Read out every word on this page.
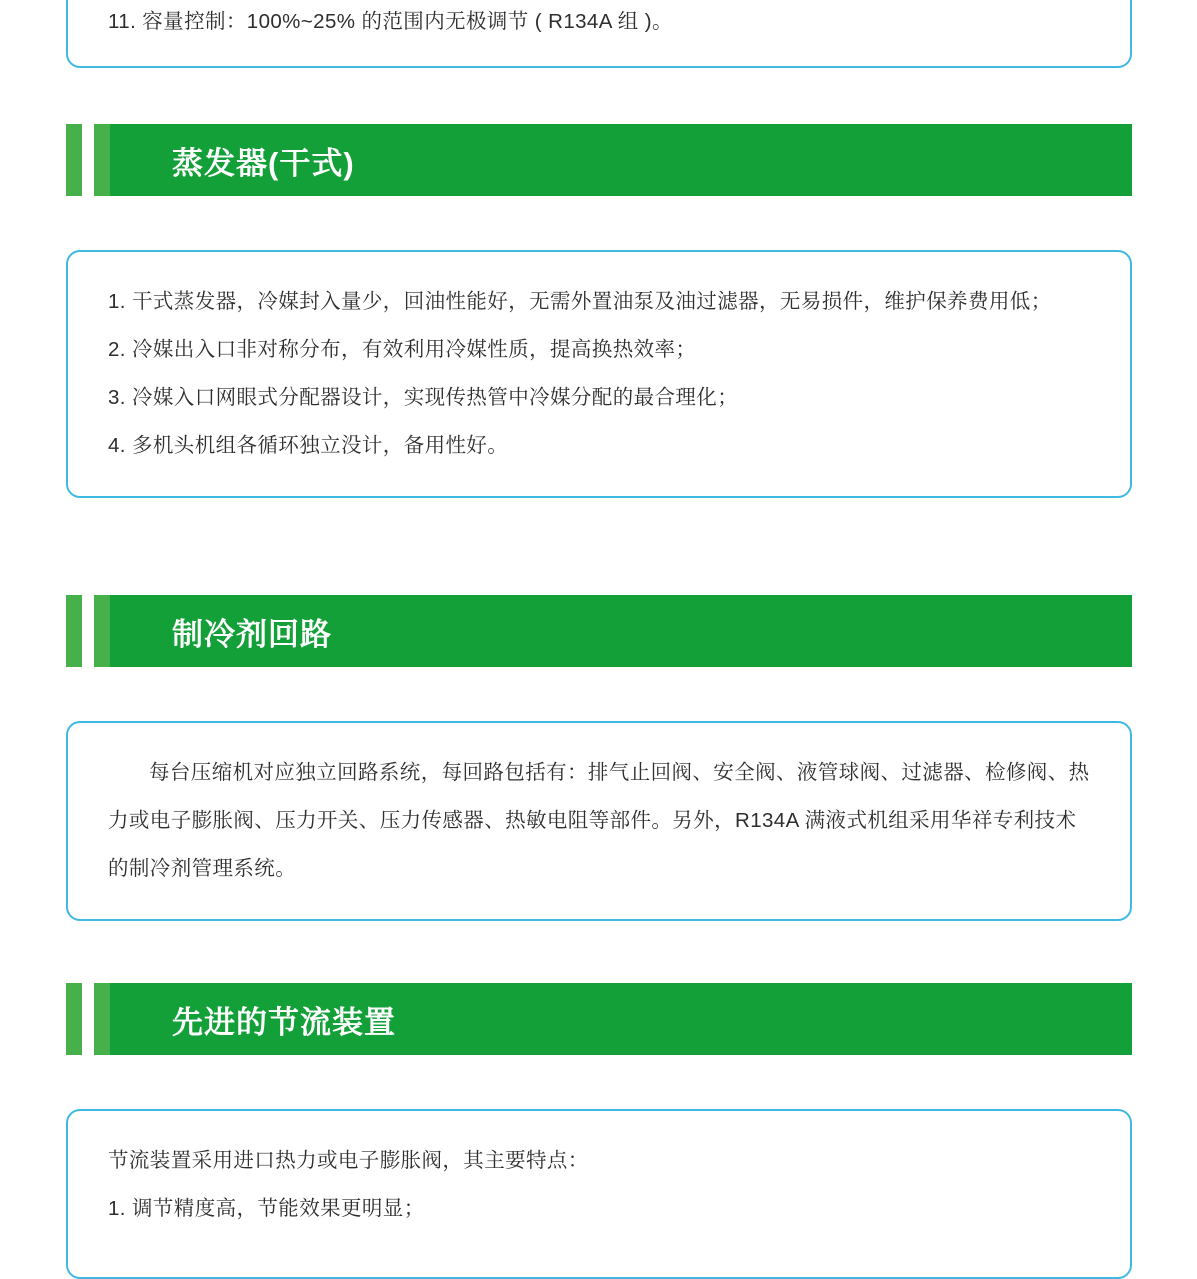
11. 容量控制：100%~25% 的范围内无极调节 ( R134A 组 )。

蒸发器(干式)

1. 干式蒸发器，冷媒封入量少，回油性能好，无需外置油泵及油过滤器，无易损件，维护保养费用低；

2. 冷媒出入口非对称分布，有效利用冷媒性质，提高换热效率；

3. 冷媒入口网眼式分配器设计，实现传热管中冷媒分配的最合理化；

4. 多机头机组各循环独立没计，备用性好。

制冷剂回路

每台压缩机对应独立回路系统，每回路包括有：排气止回阀、安全阀、液管球阀、过滤器、检修阀、热力或电子膨胀阀、压力开关、压力传感器、热敏电阻等部件。另外，R134A 满液式机组采用华祥专利技术的制冷剂管理系统。

先进的节流装置

节流装置采用进口热力或电子膨胀阀，其主要特点：

1. 调节精度高，节能效果更明显；
